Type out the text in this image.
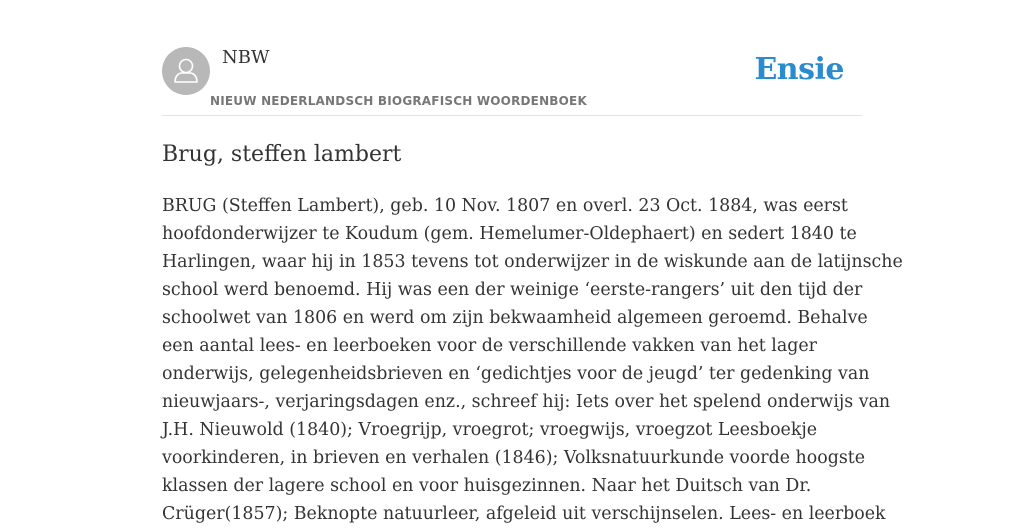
NBW
NIEUW NEDERLANDSCH BIOGRAFISCH WOORDENBOEK
Ensie
Brug, steffen lambert
BRUG (Steffen Lambert), geb. 10 Nov. 1807 en overl. 23 Oct. 1884, was eerst
hoofdonderwijzer te Koudum (gem. Hemelumer-Oldephaert) en sedert 1840 te
Harlingen, waar hij in 1853 tevens tot onderwijzer in de wiskunde aan de latijnsche
school werd benoemd. Hij was een der weinige ‘eerste-rangers’ uit den tijd der
schoolwet van 1806 en werd om zijn bekwaamheid algemeen geroemd. Behalve
een aantal lees- en leerboeken voor de verschillende vakken van het lager
onderwijs, gelegenheidsbrieven en ‘gedichtjes voor de jeugd’ ter gedenking van
nieuwjaars-, verjaringsdagen enz., schreef hij: Iets over het spelend onderwijs van
J.H. Nieuwold (1840); Vroegrijp, vroegrot; vroegwijs, vroegzot Leesboekje
voorkinderen, in brieven en verhalen (1846); Volksnatuurkunde voorde hoogste
klassen der lagere school en voor huisgezinnen. Naar het Duitsch van Dr.
Crüger(1857); Beknopte natuurleer, afgeleid uit verschijnselen. Lees- en leerboek
